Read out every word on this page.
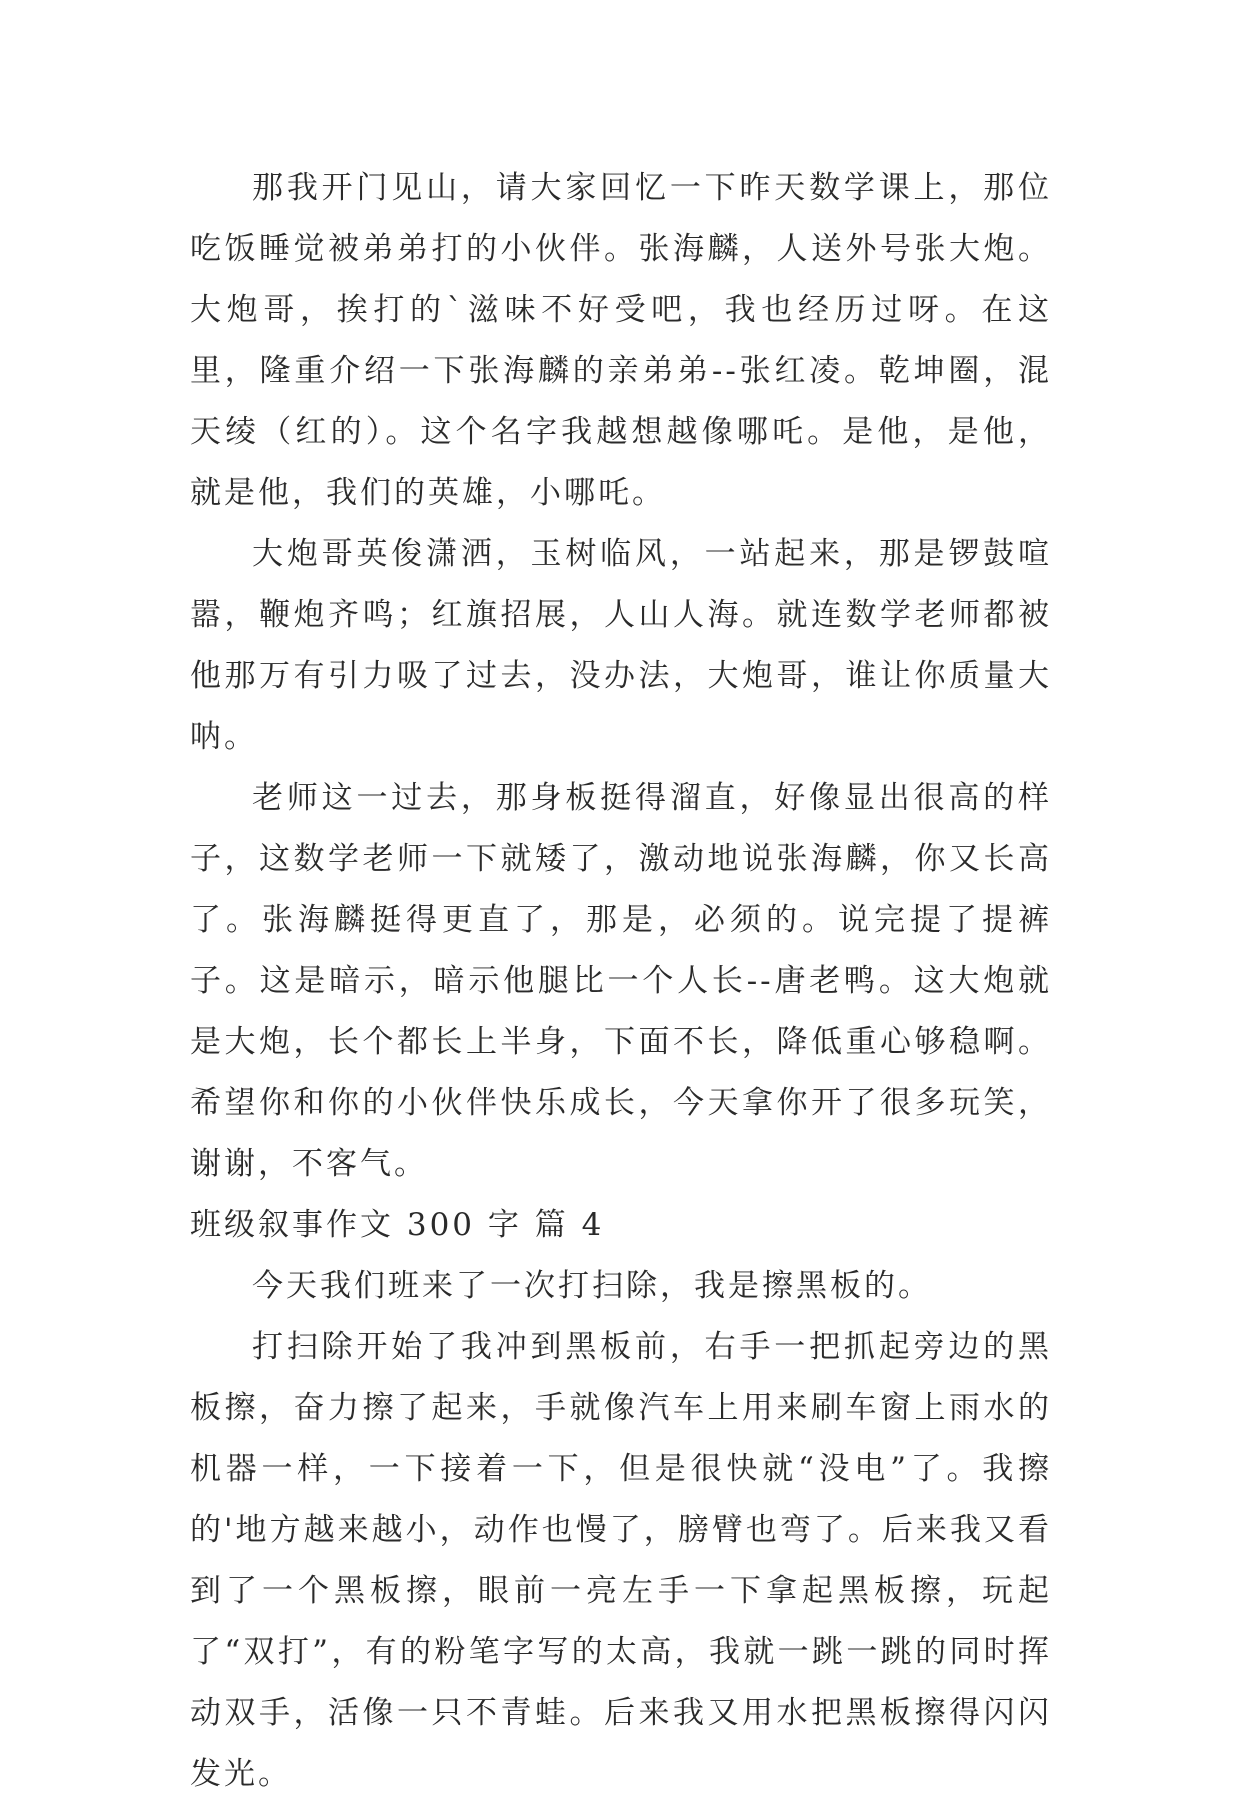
那我开门见山，请大家回忆一下昨天数学课上，那位吃饭睡觉被弟弟打的小伙伴。张海麟，人送外号张大炮。大炮哥，挨打的`滋味不好受吧，我也经历过呀。在这里，隆重介绍一下张海麟的亲弟弟--张红凌。乾坤圈，混天绫（红的）。这个名字我越想越像哪吒。是他，是他，就是他，我们的英雄，小哪吒。

大炮哥英俊潇洒，玉树临风，一站起来，那是锣鼓喧嚣，鞭炮齐鸣；红旗招展，人山人海。就连数学老师都被他那万有引力吸了过去，没办法，大炮哥，谁让你质量大呐。

老师这一过去，那身板挺得溜直，好像显出很高的样子，这数学老师一下就矮了，激动地说张海麟，你又长高了。张海麟挺得更直了，那是，必须的。说完提了提裤子。这是暗示，暗示他腿比一个人长--唐老鸭。这大炮就是大炮，长个都长上半身，下面不长，降低重心够稳啊。希望你和你的小伙伴快乐成长，今天拿你开了很多玩笑，谢谢，不客气。

班级叙事作文 300 字 篇 4

今天我们班来了一次打扫除，我是擦黑板的。

打扫除开始了我冲到黑板前，右手一把抓起旁边的黑板擦，奋力擦了起来，手就像汽车上用来刷车窗上雨水的机器一样，一下接着一下，但是很快就“没电”了。我擦的'地方越来越小，动作也慢了，膀臂也弯了。后来我又看到了一个黑板擦，眼前一亮左手一下拿起黑板擦，玩起了“双打”，有的粉笔字写的太高，我就一跳一跳的同时挥动双手，活像一只不青蛙。后来我又用水把黑板擦得闪闪发光。
